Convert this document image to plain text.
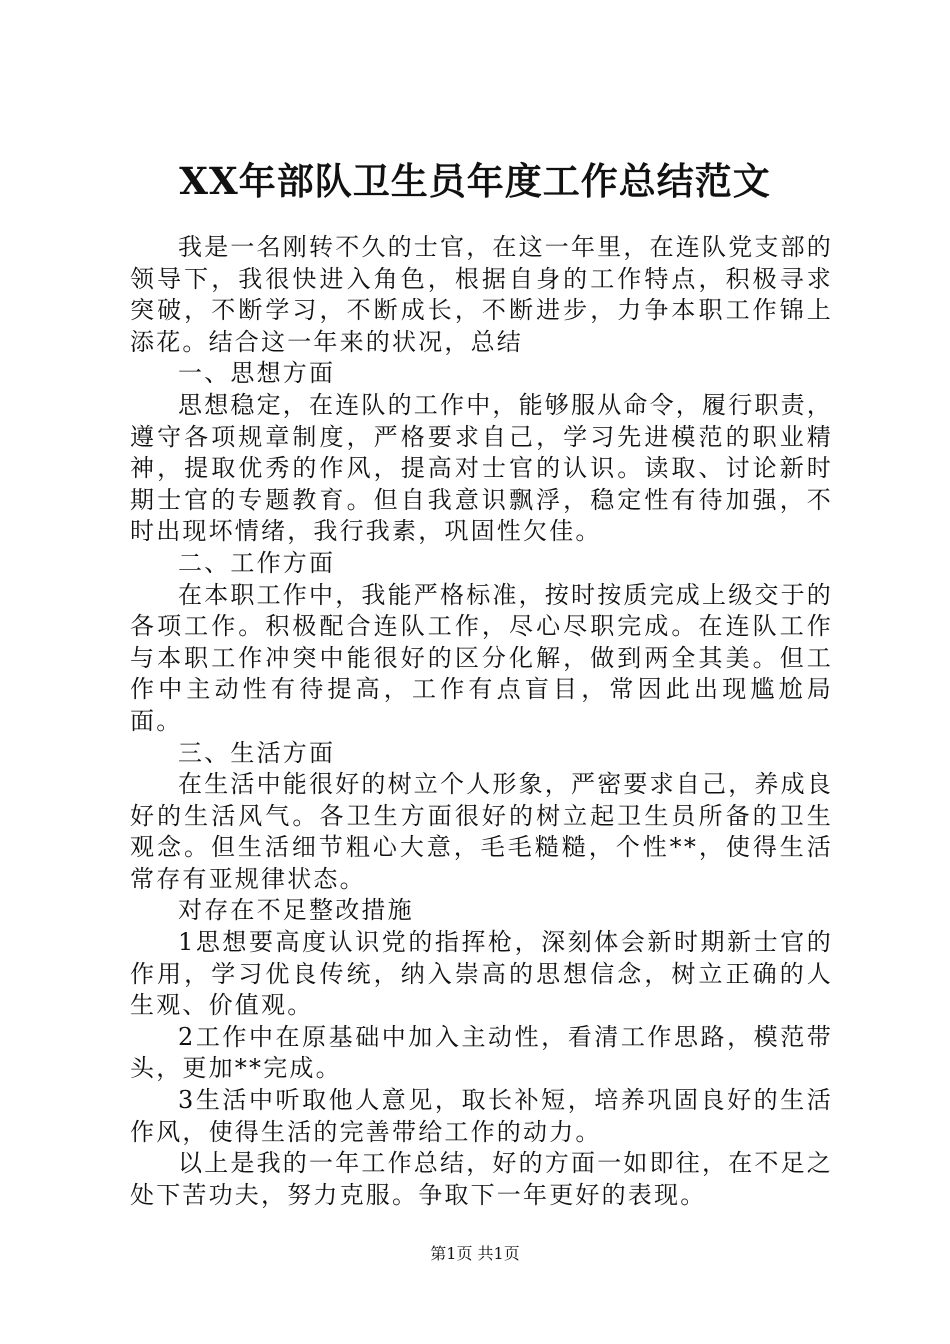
XX年部队卫生员年度工作总结范文

我是一名刚转不久的士官，在这一年里，在连队党支部的领导下，我很快进入角色，根据自身的工作特点，积极寻求突破，不断学习，不断成长，不断进步，力争本职工作锦上添花。结合这一年来的状况，总结

一、思想方面

思想稳定，在连队的工作中，能够服从命令，履行职责，遵守各项规章制度，严格要求自己，学习先进模范的职业精神，提取优秀的作风，提高对士官的认识。读取、讨论新时期士官的专题教育。但自我意识飘浮，稳定性有待加强，不时出现坏情绪，我行我素，巩固性欠佳。

二、工作方面

在本职工作中，我能严格标准，按时按质完成上级交于的各项工作。积极配合连队工作，尽心尽职完成。在连队工作与本职工作冲突中能很好的区分化解，做到两全其美。但工作中主动性有待提高，工作有点盲目，常因此出现尴尬局面。

三、生活方面

在生活中能很好的树立个人形象，严密要求自己，养成良好的生活风气。各卫生方面很好的树立起卫生员所备的卫生观念。但生活细节粗心大意，毛毛糙糙，个性**，使得生活常存有亚规律状态。

对存在不足整改措施

1思想要高度认识党的指挥枪，深刻体会新时期新士官的作用，学习优良传统，纳入崇高的思想信念，树立正确的人生观、价值观。

2工作中在原基础中加入主动性，看清工作思路，模范带头，更加**完成。

3生活中听取他人意见，取长补短，培养巩固良好的生活作风，使得生活的完善带给工作的动力。

以上是我的一年工作总结，好的方面一如即往，在不足之处下苦功夫，努力克服。争取下一年更好的表现。

第1页 共1页
